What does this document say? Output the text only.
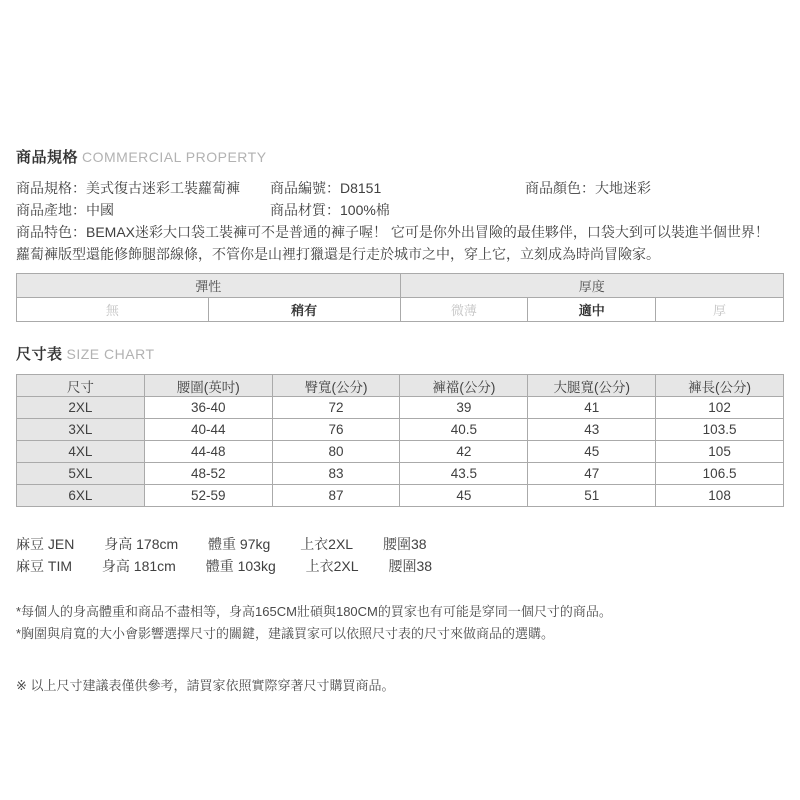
商品規格 COMMERCIAL PROPERTY
商品規格：美式復古迷彩工裝蘿蔔褲	商品編號：D8151	商品顏色：大地迷彩
商品產地：中國	商品材質：100%棉

商品特色：BEMAX迷彩大口袋工裝褲可不是普通的褲子喔！ 它可是你外出冒險的最佳夥伴，口袋大到可以裝進半個世界！ 蘿蔔褲版型還能修飾腿部線條，不管你是山裡打獵還是行走於城市之中，穿上它，立刻成為時尚冒險家。

彈性		厚度		
無	稍有	微薄	適中	厚
尺寸表 SIZE CHART
尺寸	腰圍(英吋)	臀寬(公分)	褲襠(公分)	大腿寬(公分)	褲長(公分)
2XL	36-40	72	39	41	102
3XL	40-44	76	40.5	43	103.5
4XL	44-48	80	42	45	105
5XL	48-52	83	43.5	47	106.5
6XL	52-59	87	45	51	108

麻豆 JEN 身高 178cm 體重 97kg 上衣2XL 腰圍38

麻豆 TIM 身高 181cm 體重 103kg 上衣2XL 腰圍38

*每個人的身高體重和商品不盡相等，身高165CM壯碩與180CM的買家也有可能是穿同一個尺寸的商品。

*胸圍與肩寬的大小會影響選擇尺寸的關鍵，建議買家可以依照尺寸表的尺寸來做商品的選購。

※ 以上尺寸建議表僅供參考，請買家依照實際穿著尺寸購買商品。
